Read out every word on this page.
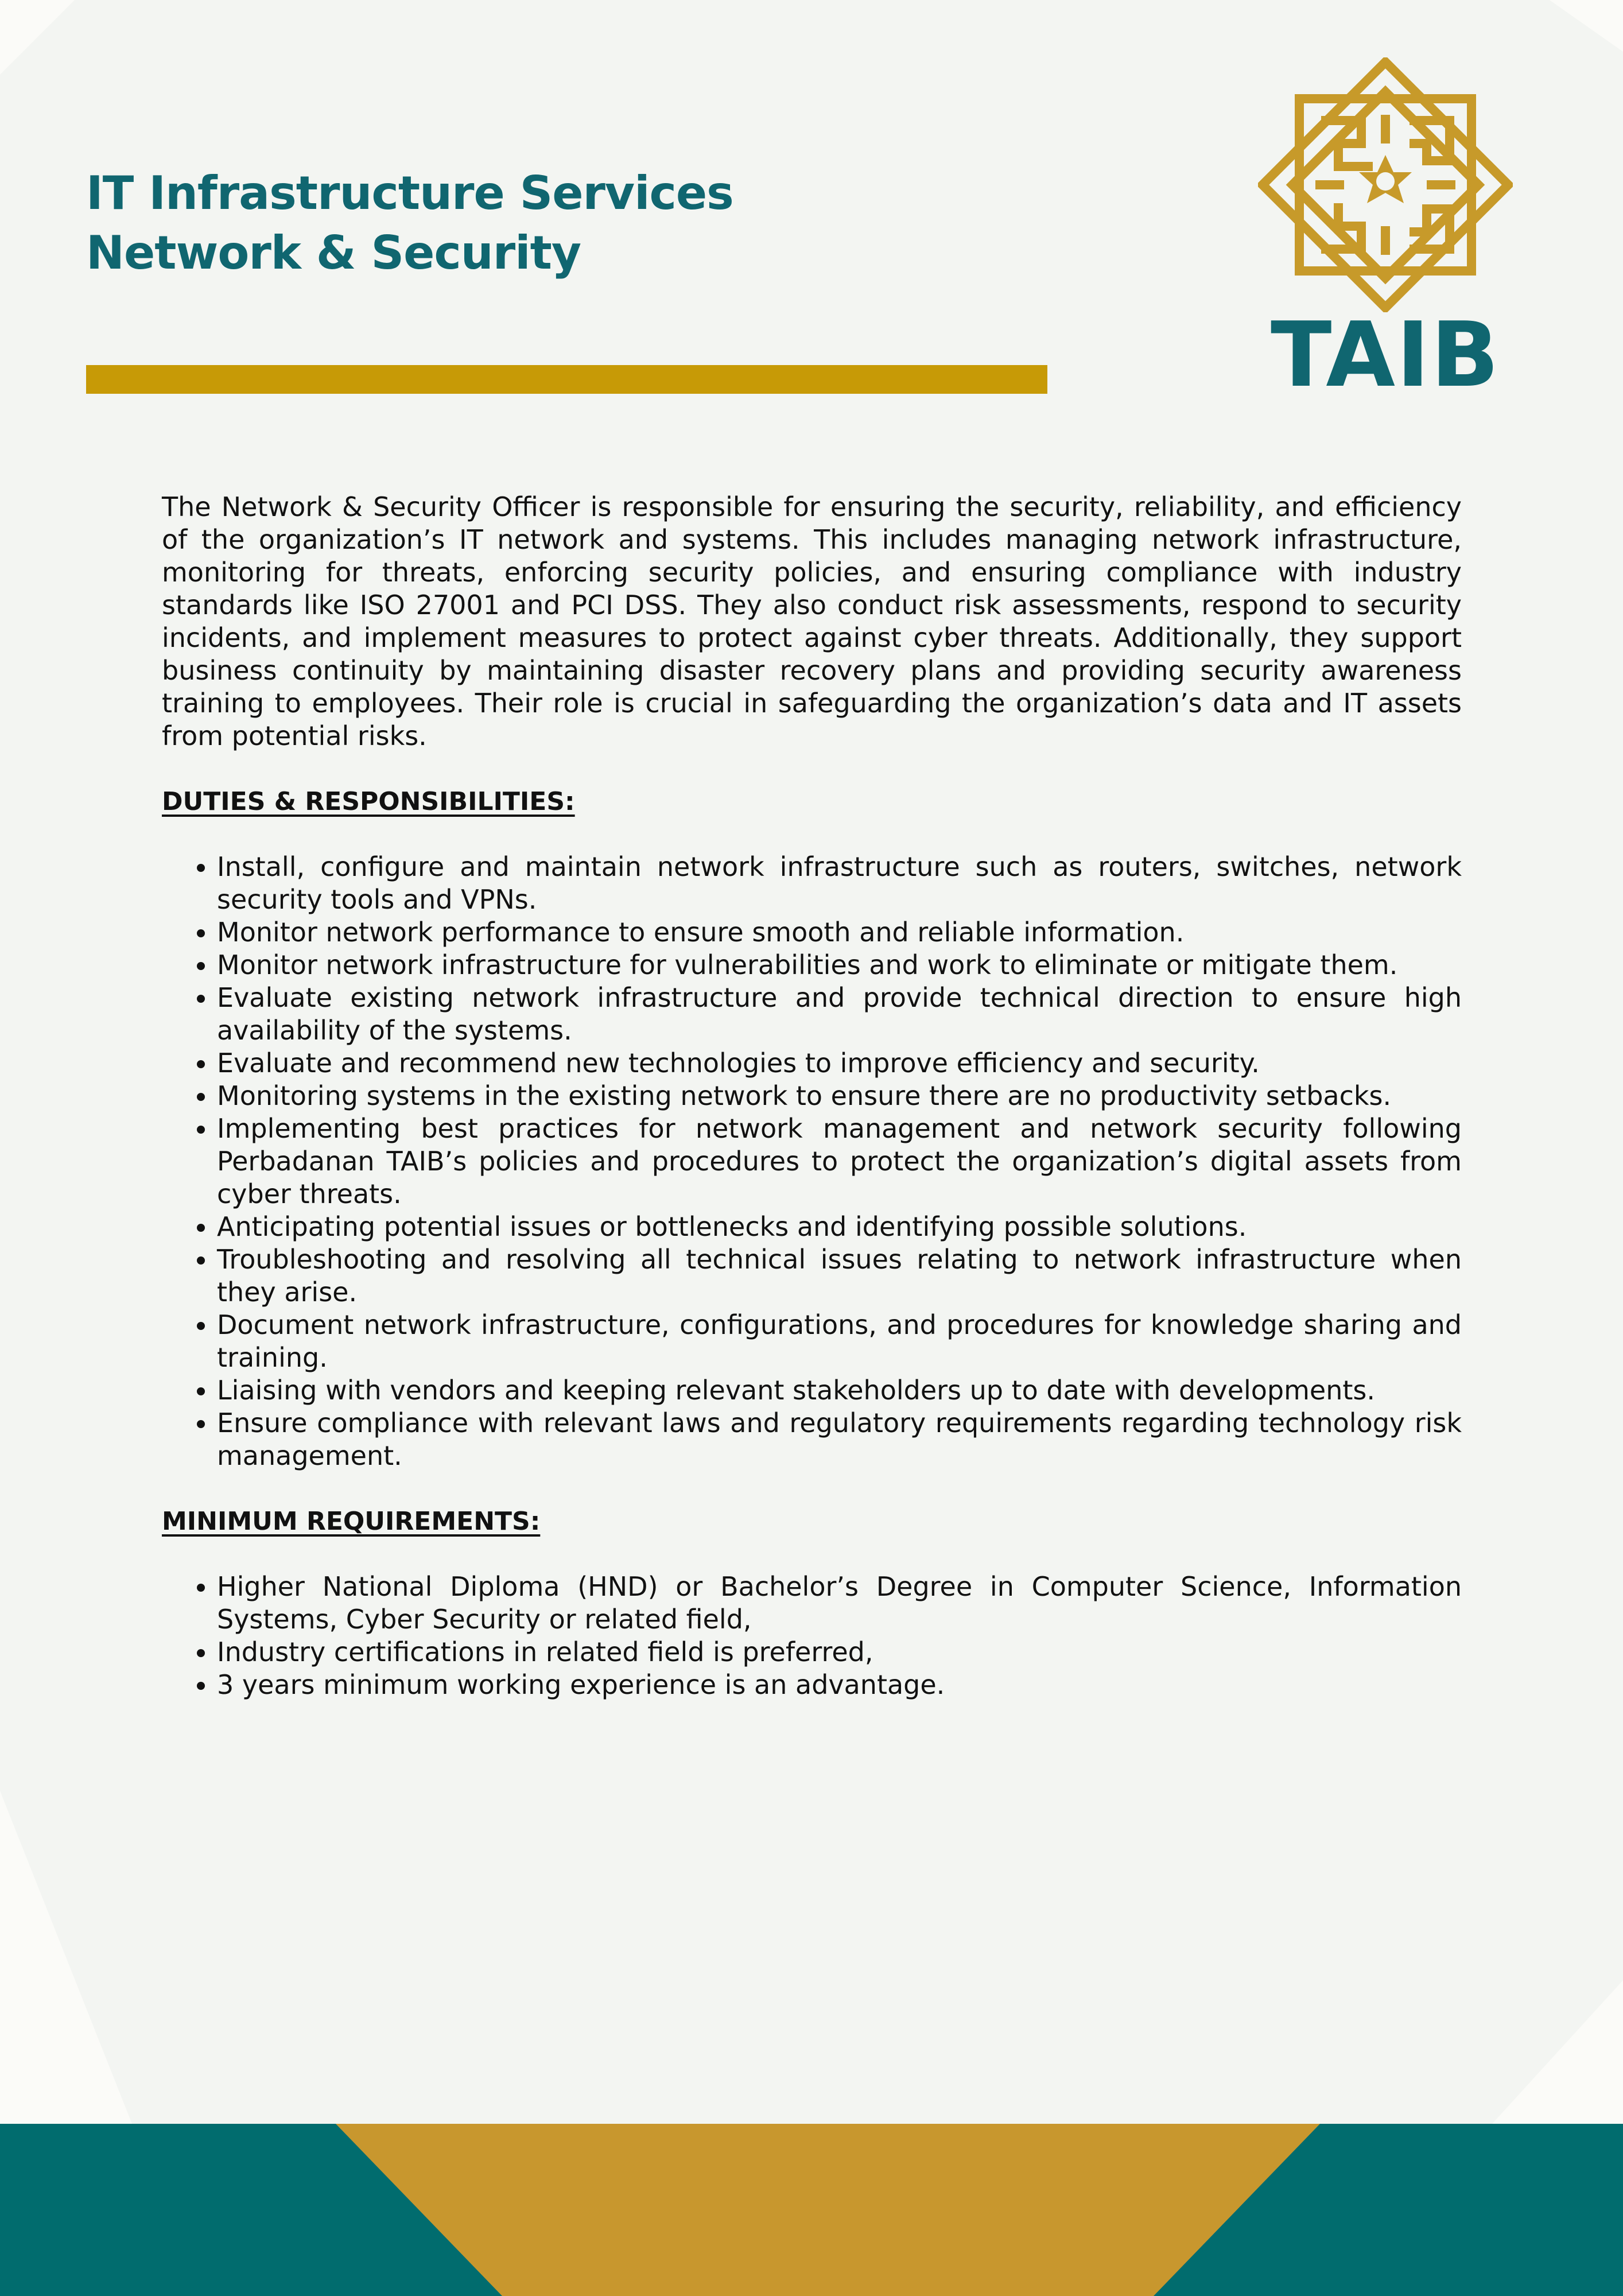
IT Infrastructure Services
Network & Security
TAIB

The Network & Security Officer is responsible for ensuring the security, reliability, and efficiency of the organization’s IT network and systems. This includes managing network infrastructure, monitoring for threats, enforcing security policies, and ensuring compliance with industry standards like ISO 27001 and PCI DSS. They also conduct risk assessments, respond to security incidents, and implement measures to protect against cyber threats. Additionally, they support business continuity by maintaining disaster recovery plans and providing security awareness training to employees. Their role is crucial in safeguarding the organization’s data and IT assets from potential risks.

DUTIES & RESPONSIBILITIES:
• Install, configure and maintain network infrastructure such as routers, switches, network security tools and VPNs.
• Monitor network performance to ensure smooth and reliable information.
• Monitor network infrastructure for vulnerabilities and work to eliminate or mitigate them.
• Evaluate existing network infrastructure and provide technical direction to ensure high availability of the systems.
• Evaluate and recommend new technologies to improve efficiency and security.
• Monitoring systems in the existing network to ensure there are no productivity setbacks.
• Implementing best practices for network management and network security following Perbadanan TAIB’s policies and procedures to protect the organization’s digital assets from cyber threats.
• Anticipating potential issues or bottlenecks and identifying possible solutions.
• Troubleshooting and resolving all technical issues relating to network infrastructure when they arise.
• Document network infrastructure, configurations, and procedures for knowledge sharing and training.
• Liaising with vendors and keeping relevant stakeholders up to date with developments.
• Ensure compliance with relevant laws and regulatory requirements regarding technology risk management.
MINIMUM REQUIREMENTS:
• Higher National Diploma (HND) or Bachelor’s Degree in Computer Science, Information Systems, Cyber Security or related field,
• Industry certifications in related field is preferred,
• 3 years minimum working experience is an advantage.
